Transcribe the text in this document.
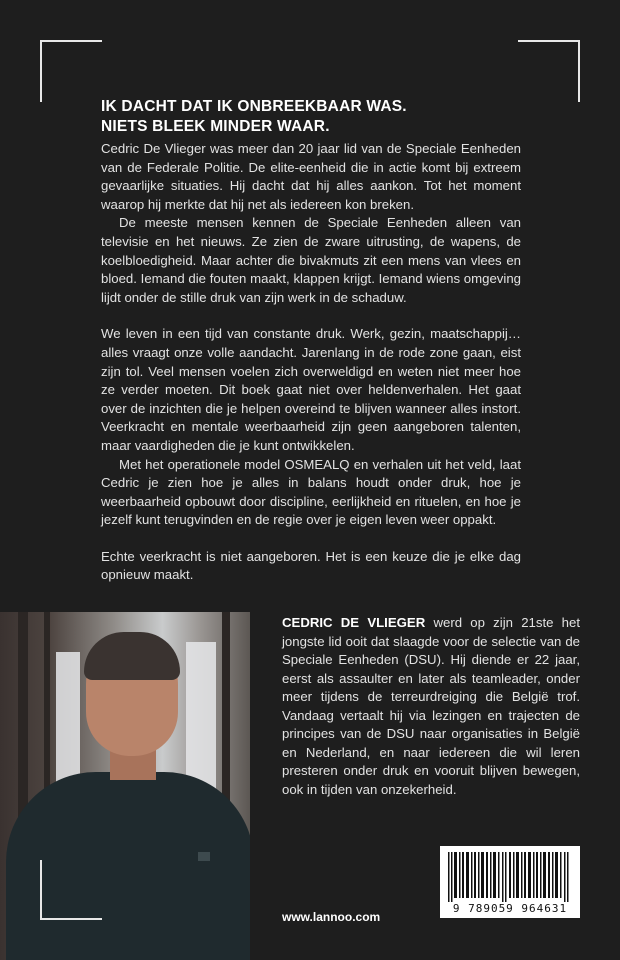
IK DACHT DAT IK ONBREEKBAAR WAS.
NIETS BLEEK MINDER WAAR.

Cedric De Vlieger was meer dan 20 jaar lid van de Speciale Eenheden van de Federale Politie. De elite-eenheid die in actie komt bij extreem gevaarlijke situaties. Hij dacht dat hij alles aankon. Tot het moment waarop hij merkte dat hij net als iedereen kon breken.

De meeste mensen kennen de Speciale Eenheden alleen van televisie en het nieuws. Ze zien de zware uitrusting, de wapens, de koelbloedigheid. Maar achter die bivakmuts zit een mens van vlees en bloed. Iemand die fouten maakt, klappen krijgt. Iemand wiens omgeving lijdt onder de stille druk van zijn werk in de schaduw.

We leven in een tijd van constante druk. Werk, gezin, maatschappij… alles vraagt onze volle aandacht. Jarenlang in de rode zone gaan, eist zijn tol. Veel mensen voelen zich overweldigd en weten niet meer hoe ze verder moeten. Dit boek gaat niet over heldenverhalen. Het gaat over de inzichten die je helpen overeind te blijven wanneer alles instort. Veerkracht en mentale weerbaarheid zijn geen aangeboren talenten, maar vaardigheden die je kunt ontwikkelen.

Met het operationele model OSMEALQ en verhalen uit het veld, laat Cedric je zien hoe je alles in balans houdt onder druk, hoe je weerbaarheid opbouwt door discipline, eerlijkheid en rituelen, en hoe je jezelf kunt terugvinden en de regie over je eigen leven weer oppakt.

Echte veerkracht is niet aangeboren. Het is een keuze die je elke dag opnieuw maakt.

CEDRIC DE VLIEGER werd op zijn 21ste het jongste lid ooit dat slaagde voor de selectie van de Speciale Eenheden (DSU). Hij diende er 22 jaar, eerst als assaulter en later als teamleader, onder meer tijdens de terreurdreiging die België trof. Vandaag vertaalt hij via lezingen en trajecten de principes van de DSU naar organisaties in België en Nederland, en naar iedereen die wil leren presteren onder druk en vooruit blijven bewegen, ook in tijden van onzekerheid.
www.lannoo.com
9 789059 964631
